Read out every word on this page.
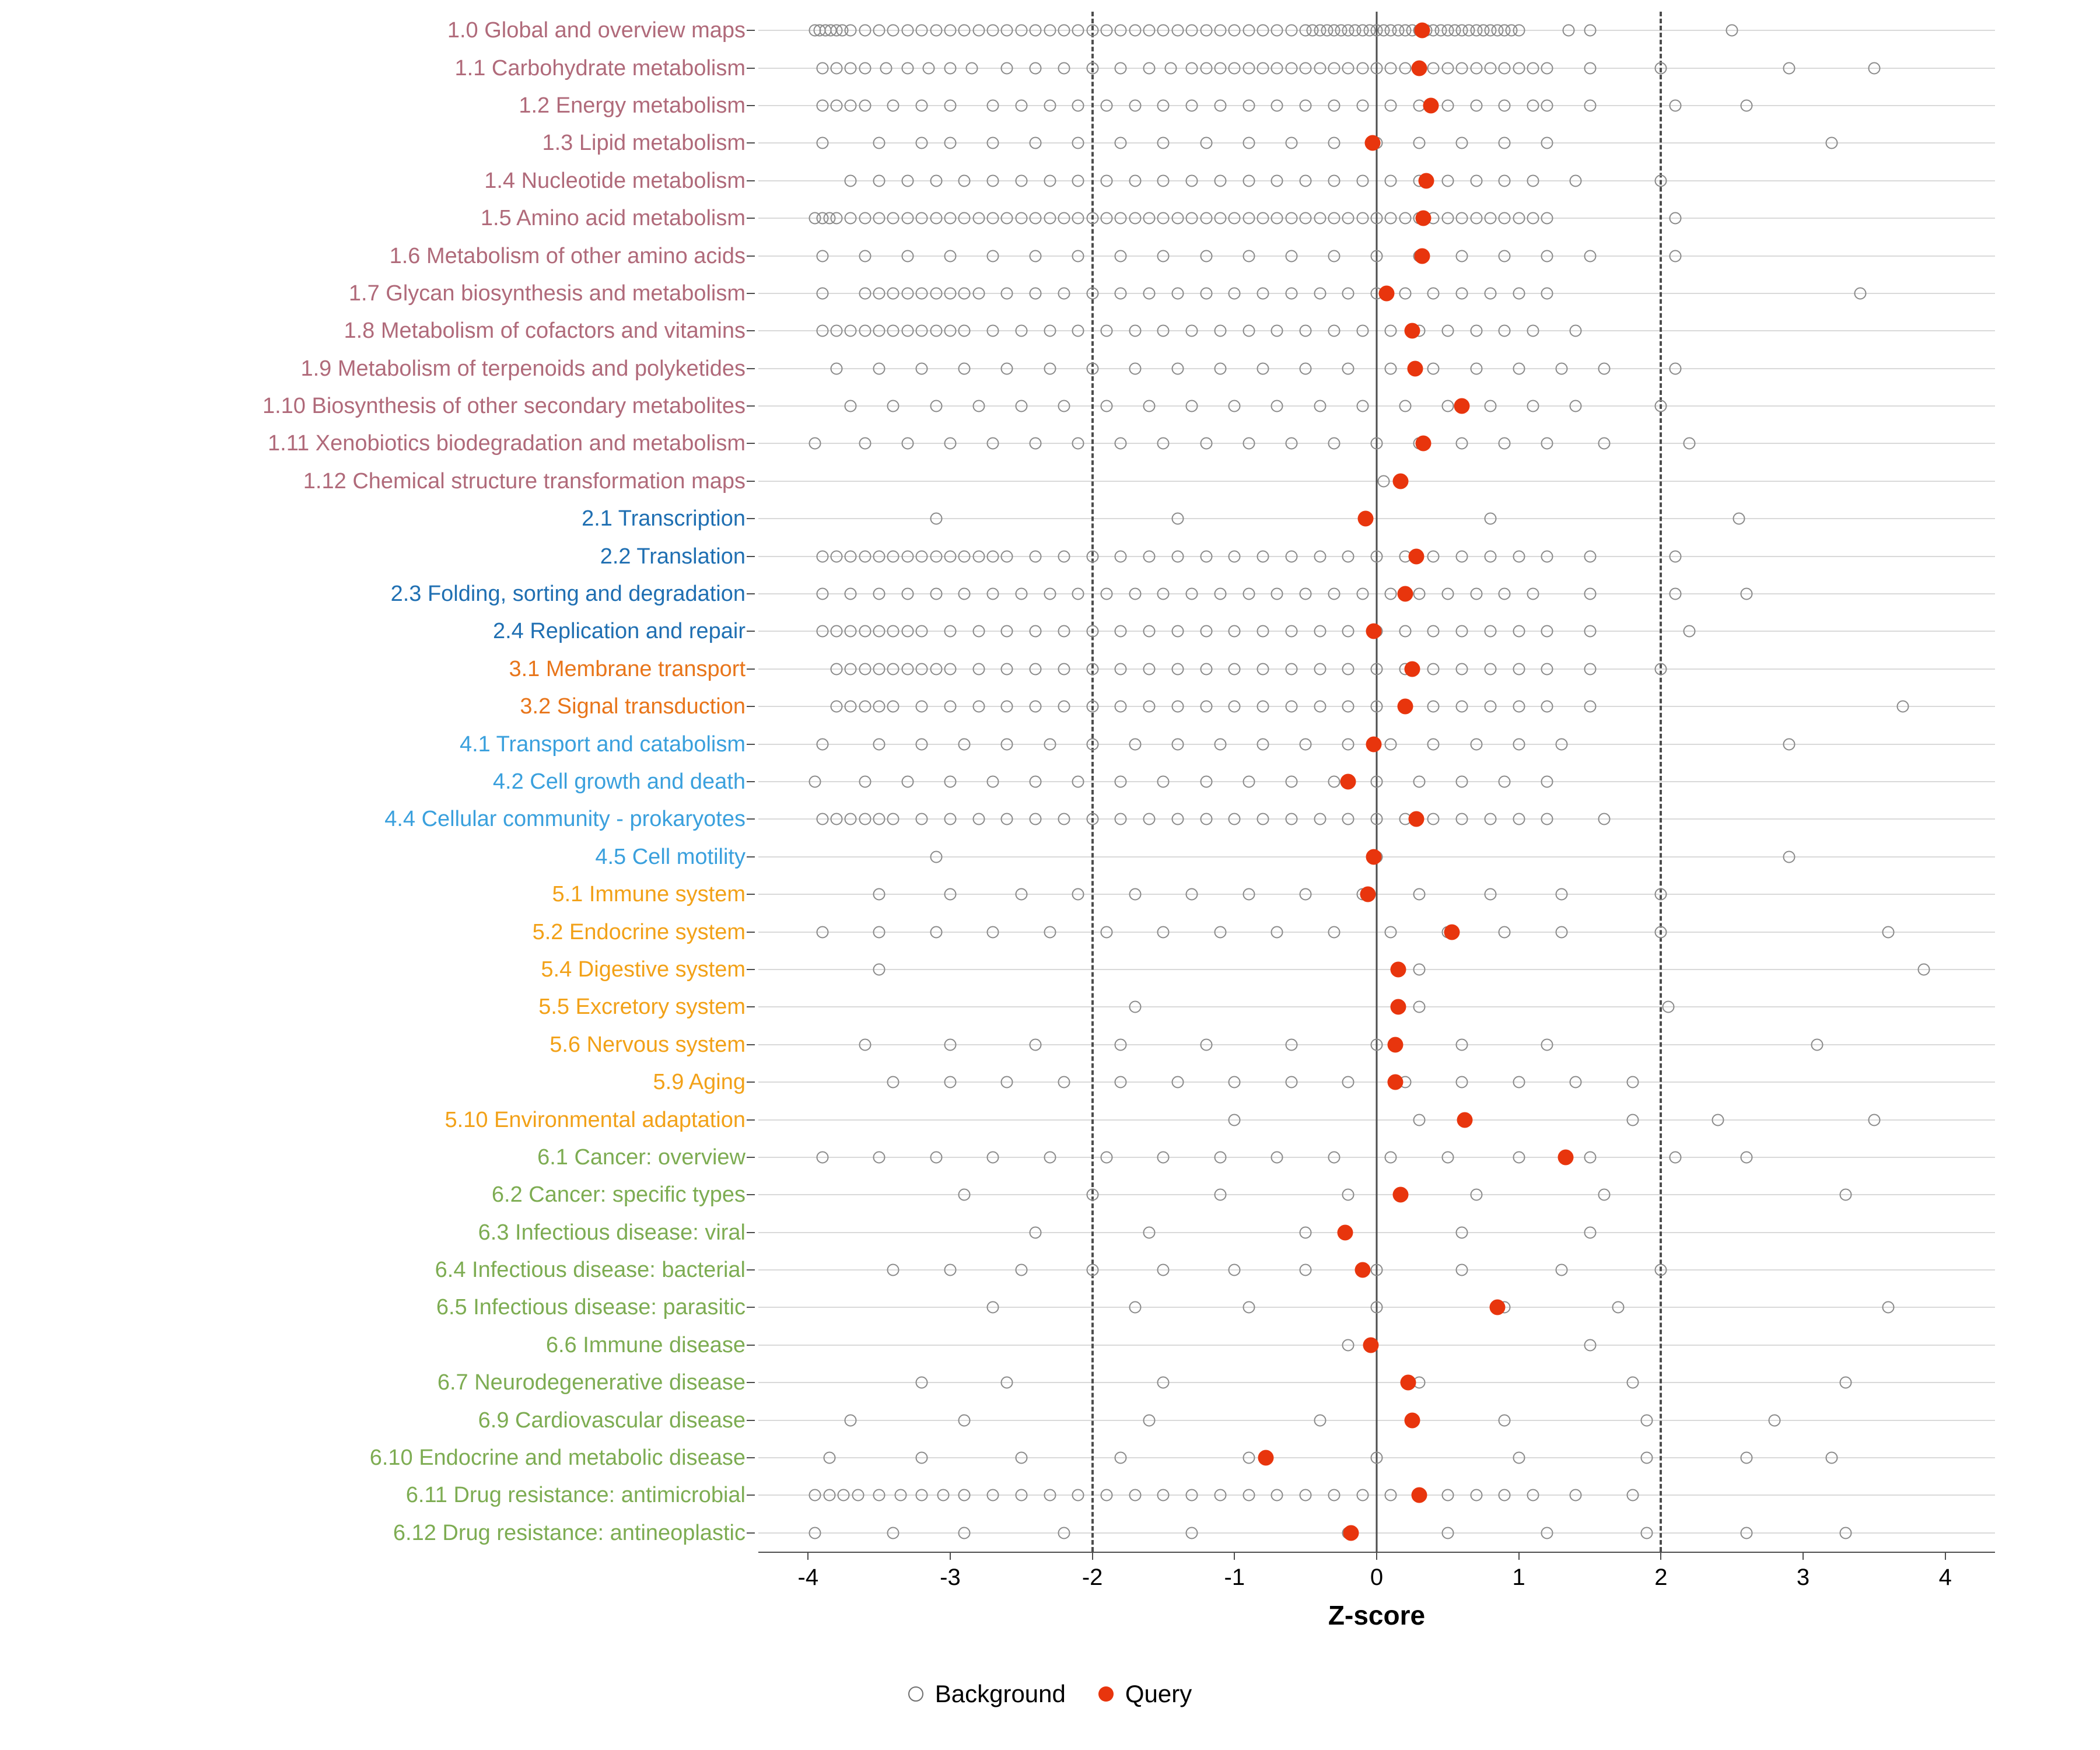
1.0 Global and overview maps
1.1 Carbohydrate metabolism
1.2 Energy metabolism
1.3 Lipid metabolism
1.4 Nucleotide metabolism
1.5 Amino acid metabolism
1.6 Metabolism of other amino acids
1.7 Glycan biosynthesis and metabolism
1.8 Metabolism of cofactors and vitamins
1.9 Metabolism of terpenoids and polyketides
1.10 Biosynthesis of other secondary metabolites
1.11 Xenobiotics biodegradation and metabolism
1.12 Chemical structure transformation maps
2.1 Transcription
2.2 Translation
2.3 Folding, sorting and degradation
2.4 Replication and repair
3.1 Membrane transport
3.2 Signal transduction
4.1 Transport and catabolism
4.2 Cell growth and death
4.4 Cellular community - prokaryotes
4.5 Cell motility
5.1 Immune system
5.2 Endocrine system
5.4 Digestive system
5.5 Excretory system
5.6 Nervous system
5.9 Aging
5.10 Environmental adaptation
6.1 Cancer: overview
6.2 Cancer: specific types
6.3 Infectious disease: viral
6.4 Infectious disease: bacterial
6.5 Infectious disease: parasitic
6.6 Immune disease
6.7 Neurodegenerative disease
6.9 Cardiovascular disease
6.10 Endocrine and metabolic disease
6.11 Drug resistance: antimicrobial
6.12 Drug resistance: antineoplastic
-4	-3	-2	-1	0	1	2	3	4
Z-score
Background Query
